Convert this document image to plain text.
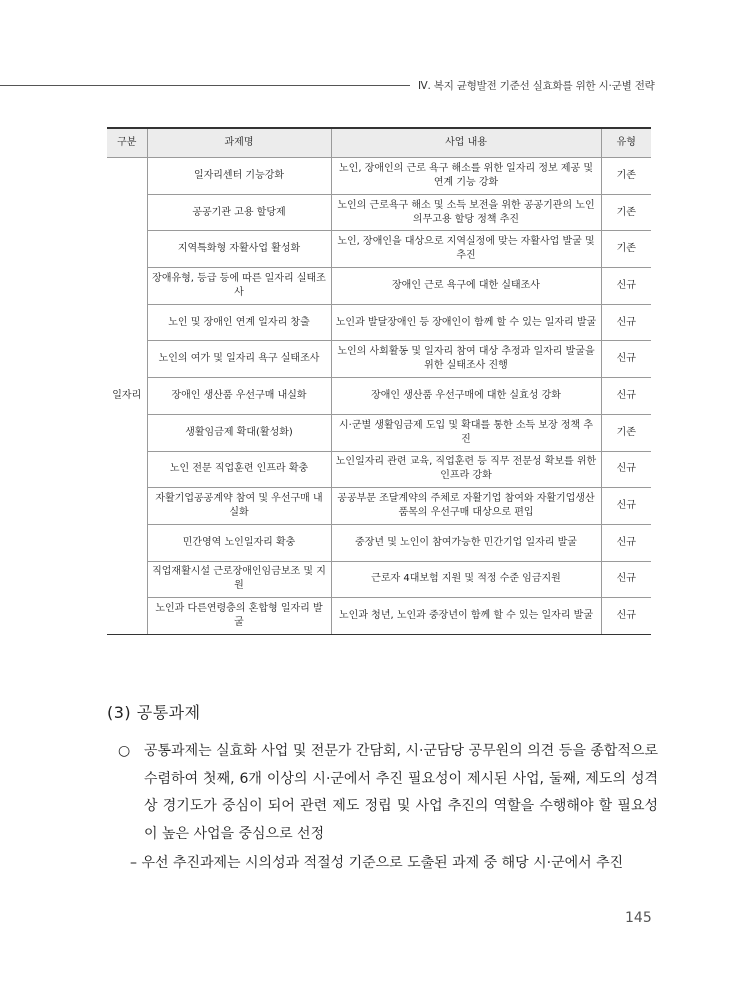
Ⅳ. 복지 균형발전 기준선 실효화를 위한 시·군별 전략
구분	과제명	사업 내용	유형
일자리	일자리센터 기능강화	노인, 장애인의 근로 욕구 해소를 위한 일자리 정보 제공 및 연계 기능 강화	기존
	공공기관 고용 할당제	노인의 근로욕구 해소 및 소득 보전을 위한 공공기관의 노인의무고용 할당 정책 추진	기존
	지역특화형 자활사업 활성화	노인, 장애인을 대상으로 지역실정에 맞는 자활사업 발굴 및 추진	기존
	장애유형, 등급 등에 따른 일자리 실태조사	장애인 근로 욕구에 대한 실태조사	신규
	노인 및 장애인 연계 일자리 창출	노인과 발달장애인 등 장애인이 함께 할 수 있는 일자리 발굴	신규
	노인의 여가 및 일자리 욕구 실태조사	노인의 사회활동 및 일자리 참여 대상 추정과 일자리 발굴을 위한 실태조사 진행	신규
	장애인 생산품 우선구매 내실화	장애인 생산품 우선구매에 대한 실효성 강화	신규
	생활임금제 확대(활성화)	시·군별 생활임금제 도입 및 확대를 통한 소득 보장 정책 추진	기존
	노인 전문 직업훈련 인프라 확충	노인일자리 관련 교육, 직업훈련 등 직무 전문성 확보를 위한 인프라 강화	신규
	자활기업공공계약 참여 및 우선구매 내실화	공공부문 조달계약의 주체로 자활기업 참여와 자활기업생산품목의 우선구매 대상으로 편입	신규
	민간영역 노인일자리 확충	중장년 및 노인이 참여가능한 민간기업 일자리 발굴	신규
	직업재활시설 근로장애인임금보조 및 지원	근로자 4대보험 지원 및 적정 수준 임금지원	신규
	노인과 다른연령층의 혼합형 일자리 발굴	노인과 청년, 노인과 중장년이 함께 할 수 있는 일자리 발굴	신규
(3) 공통과제
○ 공통과제는 실효화 사업 및 전문가 간담회, 시·군담당 공무원의 의견 등을 종합적으로 수렴하여 첫째, 6개 이상의 시·군에서 추진 필요성이 제시된 사업, 둘째, 제도의 성격상 경기도가 중심이 되어 관련 제도 정립 및 사업 추진의 역할을 수행해야 할 필요성이 높은 사업을 중심으로 선정
– 우선 추진과제는 시의성과 적절성 기준으로 도출된 과제 중 해당 시·군에서 추진
145
